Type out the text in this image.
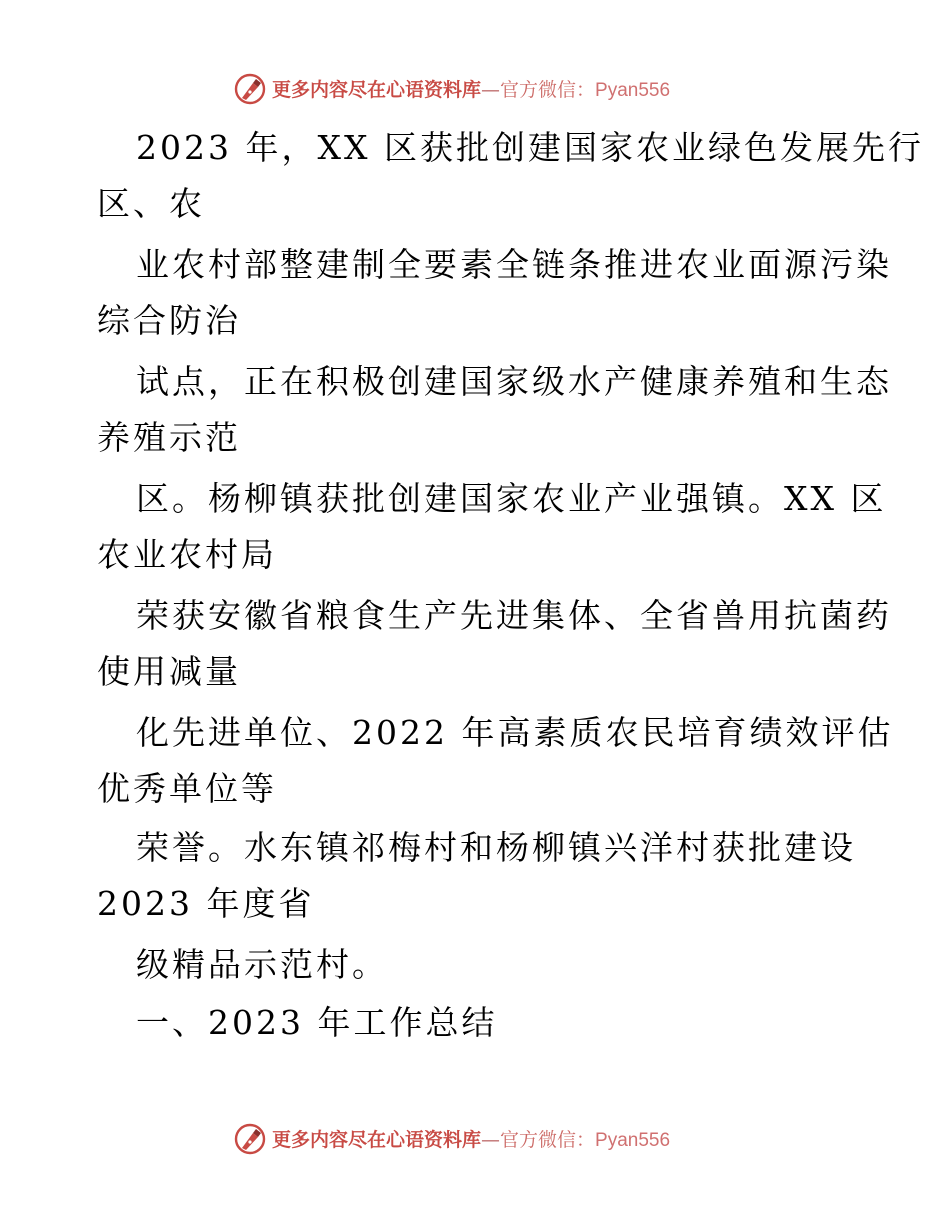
更多内容尽在心语资料库—官方微信：Pyan556
2023 年，XX 区获批创建国家农业绿色发展先行
区、农
业农村部整建制全要素全链条推进农业面源污染
综合防治
试点，正在积极创建国家级水产健康养殖和生态
养殖示范
区。杨柳镇获批创建国家农业产业强镇。XX 区
农业农村局
荣获安徽省粮食生产先进集体、全省兽用抗菌药
使用减量
化先进单位、2022 年高素质农民培育绩效评估
优秀单位等
荣誉。水东镇祁梅村和杨柳镇兴洋村获批建设
2023 年度省
级精品示范村。
一、2023 年工作总结
更多内容尽在心语资料库—官方微信：Pyan556
